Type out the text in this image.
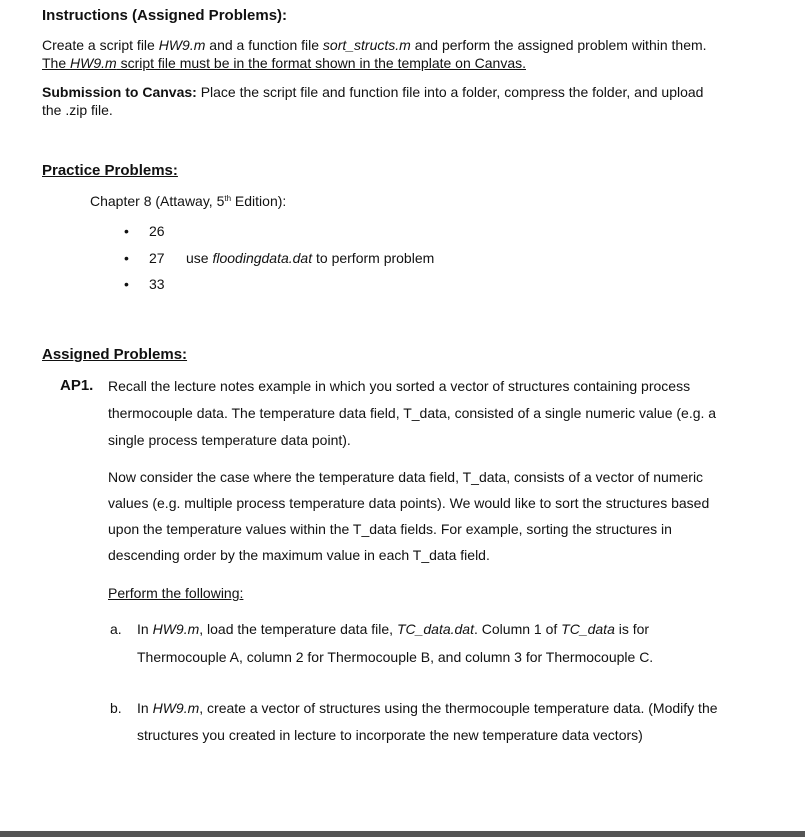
Instructions (Assigned Problems):
Create a script file HW9.m and a function file sort_structs.m and perform the assigned problem within them.
The HW9.m script file must be in the format shown in the template on Canvas.
Submission to Canvas: Place the script file and function file into a folder, compress the folder, and upload
the .zip file.
Practice Problems:
Chapter 8 (Attaway, 5th Edition):
• 26
• 27 use floodingdata.dat to perform problem
• 33
Assigned Problems:
AP1. Recall the lecture notes example in which you sorted a vector of structures containing process
thermocouple data. The temperature data field, T_data, consisted of a single numeric value (e.g. a
single process temperature data point).
Now consider the case where the temperature data field, T_data, consists of a vector of numeric
values (e.g. multiple process temperature data points). We would like to sort the structures based
upon the temperature values within the T_data fields. For example, sorting the structures in
descending order by the maximum value in each T_data field.
Perform the following:
a. In HW9.m, load the temperature data file, TC_data.dat. Column 1 of TC_data is for
Thermocouple A, column 2 for Thermocouple B, and column 3 for Thermocouple C.
b. In HW9.m, create a vector of structures using the thermocouple temperature data. (Modify the
structures you created in lecture to incorporate the new temperature data vectors)
